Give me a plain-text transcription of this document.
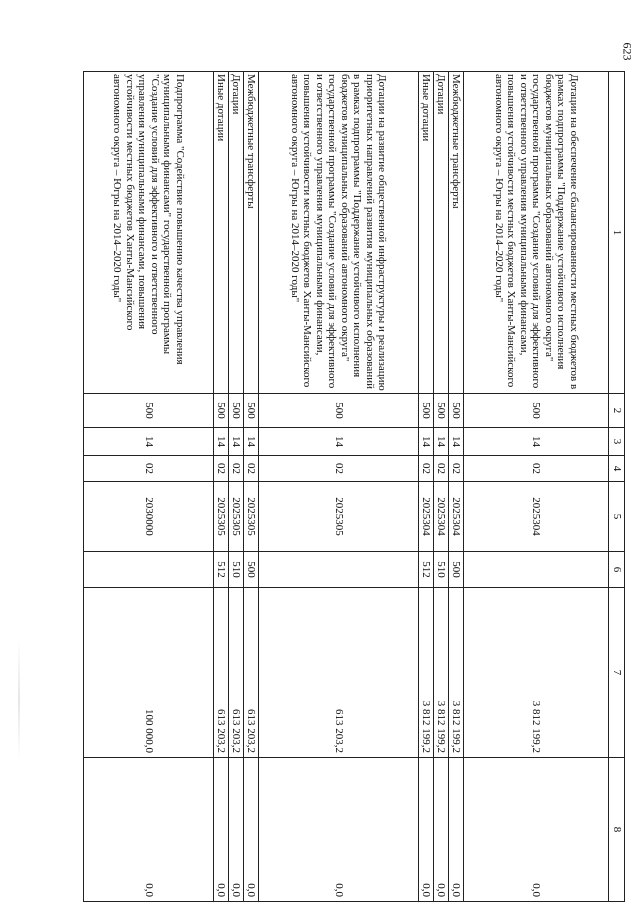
623
1	2	3	4	5	6	7	8
Дотации на обеспечение сбалансированности местных бюджетов в рамках подпрограммы "Поддержание устойчивого исполнения бюджетов муниципальных образований автономного округа" государственной программы "Создание условий для эффективного и ответственного управления муниципальными финансами, повышения устойчивости местных бюджетов Ханты-Мансийского автономного округа – Югры на 2014–2020 годы"	500	14	02	2025304		3 812 199,2	0,0
Межбюджетные трансферты	500	14	02	2025304	500	3 812 199,2	0,0
Дотации	500	14	02	2025304	510	3 812 199,2	0,0
Иные дотации	500	14	02	2025304	512	3 812 199,2	0,0
Дотации на развитие общественной инфраструктуры и реализацию приоритетных направлений развития муниципальных образований в рамках подпрограммы "Поддержание устойчивого исполнения бюджетов муниципальных образований автономного округа" государственной программы "Создание условий для эффективного и ответственного управления муниципальными финансами, повышения устойчивости местных бюджетов Ханты-Мансийского автономного округа – Югры на 2014–2020 годы"	500	14	02	2025305		613 203,2	0,0
Межбюджетные трансферты	500	14	02	2025305	500	613 203,2	0,0
Дотации	500	14	02	2025305	510	613 203,2	0,0
Иные дотации	500	14	02	2025305	512	613 203,2	0,0
Подпрограмма "Содействие повышению качества управления муниципальными финансами" государственной программы "Создание условий для эффективного и ответственного управления муниципальными финансами, повышения устойчивости местных бюджетов Ханты-Мансийского автономного округа – Югры на 2014–2020 годы"	500	14	02	2030000		100 000,0	0,0
